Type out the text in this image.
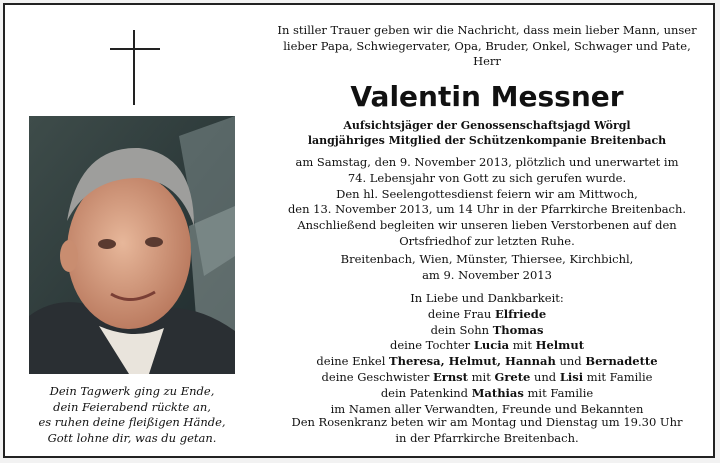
Dein Tagwerk ging zu Ende,
dein Feierabend rückte an,
es ruhen deine fleißigen Hände,
Gott lohne dir, was du getan.
In stiller Trauer geben wir die Nachricht, dass mein lieber Mann, unser
lieber Papa, Schwiegervater, Opa, Bruder, Onkel, Schwager und Pate,
Herr
Valentin Messner
Aufsichtsjäger der Genossenschaftsjagd Wörgl
langjähriges Mitglied der Schützenkompanie Breitenbach
am Samstag, den 9. November 2013, plötzlich und unerwartet im
74. Lebensjahr von Gott zu sich gerufen wurde.
Den hl. Seelengottesdienst feiern wir am Mittwoch,
den 13. November 2013, um 14 Uhr in der Pfarrkirche Breitenbach.
Anschließend begleiten wir unseren lieben Verstorbenen auf den
Ortsfriedhof zur letzten Ruhe.
Breitenbach, Wien, Münster, Thiersee, Kirchbichl,
am 9. November 2013
In Liebe und Dankbarkeit:
deine Frau Elfriede
dein Sohn Thomas
deine Tochter Lucia mit Helmut
deine Enkel Theresa, Helmut, Hannah und Bernadette
deine Geschwister Ernst mit Grete und Lisi mit Familie
dein Patenkind Mathias mit Familie
im Namen aller Verwandten, Freunde und Bekannten
Den Rosenkranz beten wir am Montag und Dienstag um 19.30 Uhr
in der Pfarrkirche Breitenbach.
